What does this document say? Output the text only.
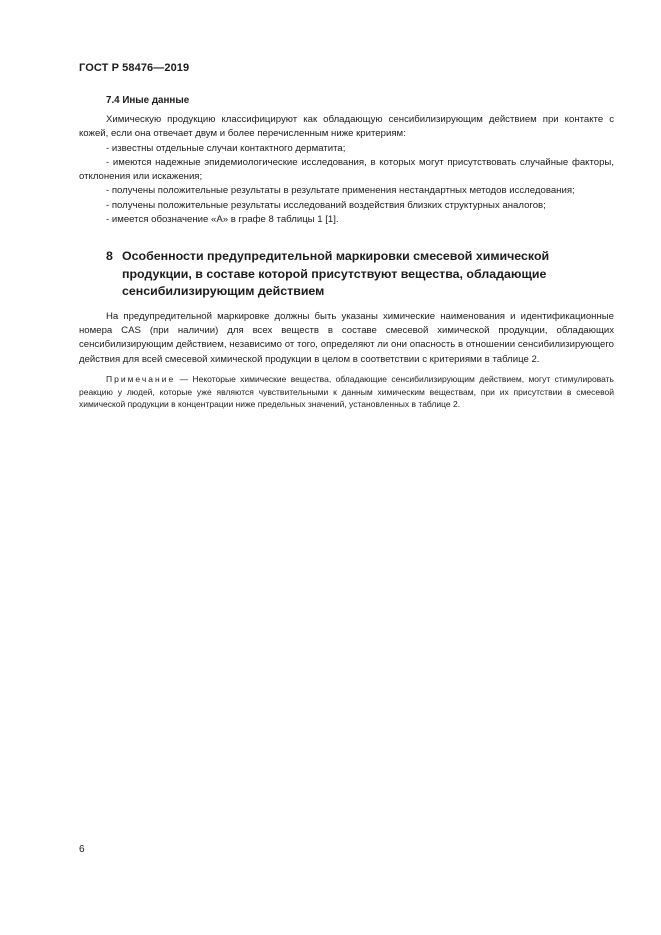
ГОСТ Р 58476—2019
7.4 Иные данные

Химическую продукцию классифицируют как обладающую сенсибилизирующим действием при контакте с кожей, если она отвечает двум и более перечисленным ниже критериям:

- известны отдельные случаи контактного дерматита;

- имеются надежные эпидемиологические исследования, в которых могут присутствовать случайные факторы, отклонения или искажения;

- получены положительные результаты в результате применения нестандартных методов исследования;

- получены положительные результаты исследований воздействия близких структурных аналогов;

- имеется обозначение «А» в графе 8 таблицы 1 [1].

8 Особенности предупредительной маркировки смесевой химической продукции, в составе которой присутствуют вещества, обладающие сенсибилизирующим действием

На предупредительной маркировке должны быть указаны химические наименования и идентификационные номера CAS (при наличии) для всех веществ в составе смесевой химической продукции, обладающих сенсибилизирующим действием, независимо от того, определяют ли они опасность в отношении сенсибилизирующего действия для всей смесевой химической продукции в целом в соответствии с критериями в таблице 2.

Примечание — Некоторые химические вещества, обладающие сенсибилизирующим действием, могут стимулировать реакцию у людей, которые уже являются чувствительными к данным химическим веществам, при их присутствии в смесевой химической продукции в концентрации ниже предельных значений, установленных в таблице 2.

6
